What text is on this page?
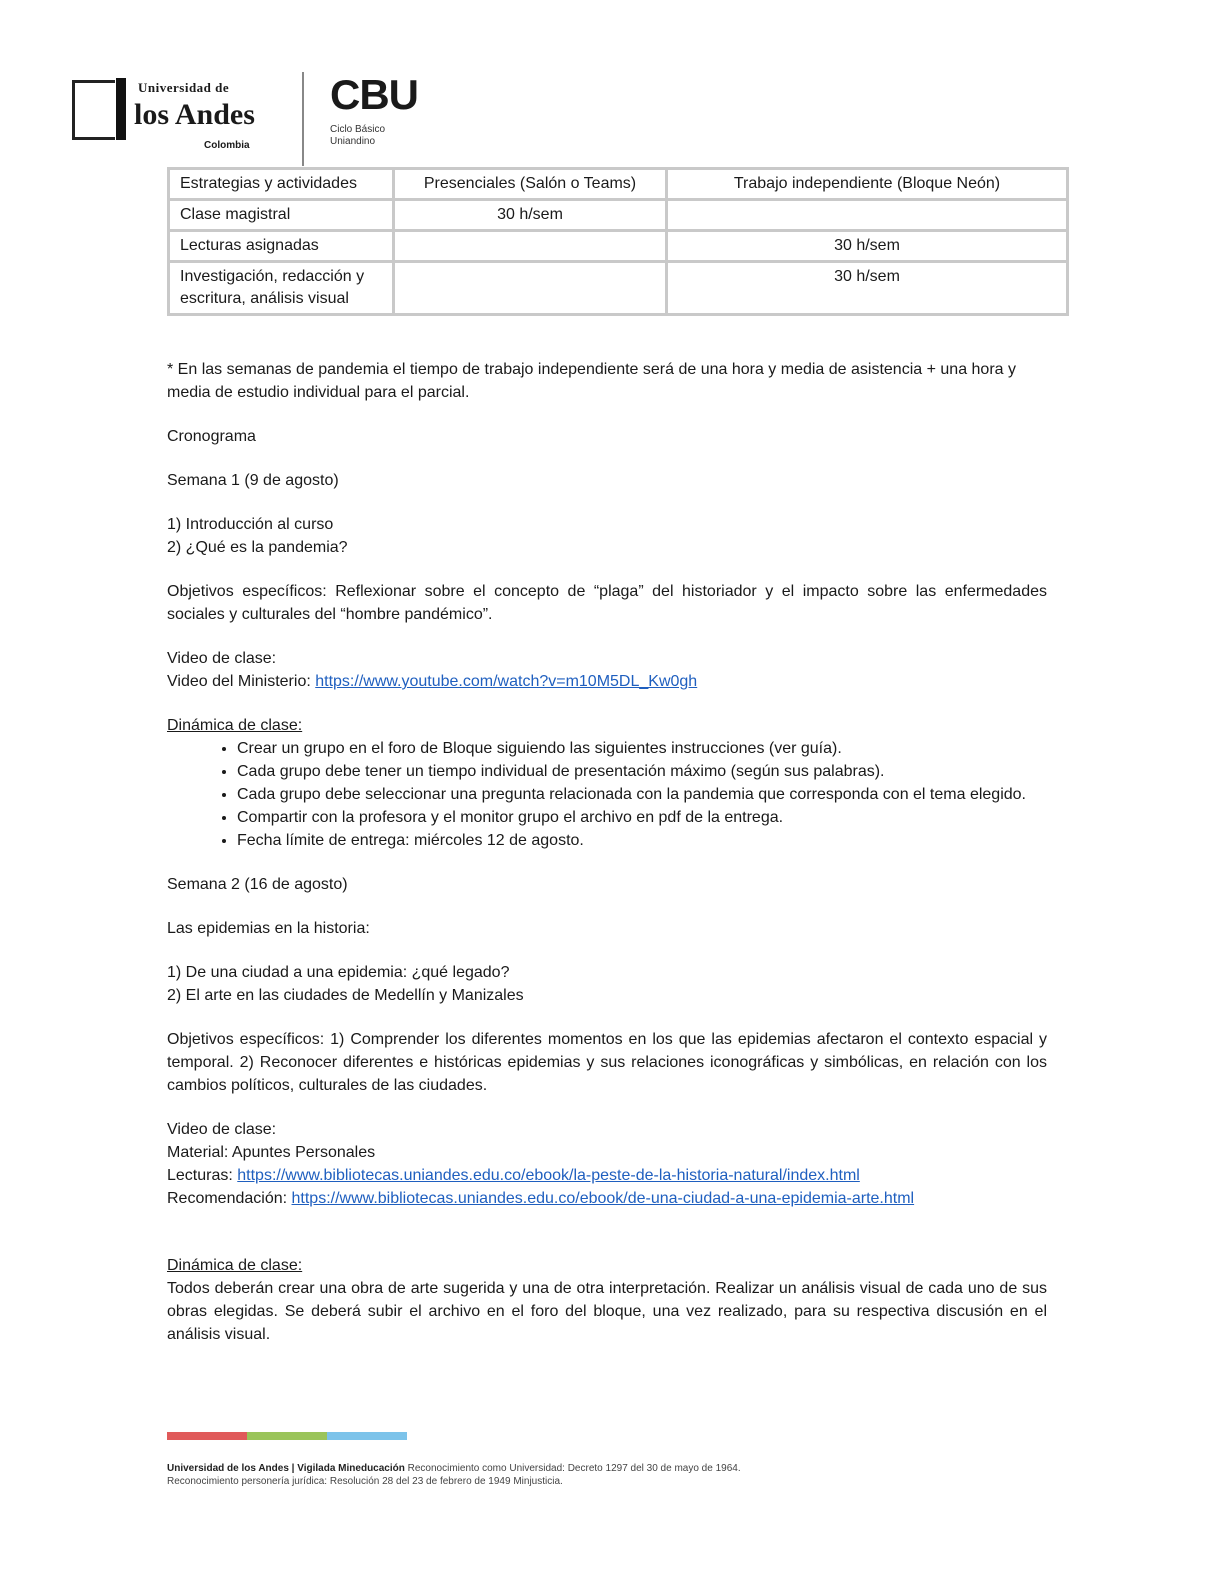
Universidad de
los Andes
Colombia
CBU
Ciclo Básico
Uniandino
Estrategias y actividades	Presenciales (Salón o Teams)	Trabajo independiente (Bloque Neón)
Clase magistral	30 h/sem	
Lecturas asignadas		30 h/sem
Investigación, redacción y escritura, análisis visual		30 h/sem

* En las semanas de pandemia el tiempo de trabajo independiente será de una hora y media de asistencia + una hora y media de estudio individual para el parcial.

Cronograma

Semana 1 (9 de agosto)

1) Introducción al curso

2) ¿Qué es la pandemia?

Objetivos específicos: Reflexionar sobre el concepto de “plaga” del historiador y el impacto sobre las enfermedades sociales y culturales del “hombre pandémico”.

Video de clase:

Video del Ministerio: https://www.youtube.com/watch?v=m10M5DL_Kw0gh

Dinámica de clase:

• Crear un grupo en el foro de Bloque siguiendo las siguientes instrucciones (ver guía).
• Cada grupo debe tener un tiempo individual de presentación máximo (según sus palabras).
• Cada grupo debe seleccionar una pregunta relacionada con la pandemia que corresponda con el tema elegido.
• Compartir con la profesora y el monitor grupo el archivo en pdf de la entrega.
• Fecha límite de entrega: miércoles 12 de agosto.

Semana 2 (16 de agosto)

Las epidemias en la historia:

1) De una ciudad a una epidemia: ¿qué legado?

2) El arte en las ciudades de Medellín y Manizales

Objetivos específicos: 1) Comprender los diferentes momentos en los que las epidemias afectaron el contexto espacial y temporal. 2) Reconocer diferentes e históricas epidemias y sus relaciones iconográficas y simbólicas, en relación con los cambios políticos, culturales de las ciudades.

Video de clase:

Material: Apuntes Personales

Lecturas: https://www.bibliotecas.uniandes.edu.co/ebook/la-peste-de-la-historia-natural/index.html

Recomendación: https://www.bibliotecas.uniandes.edu.co/ebook/de-una-ciudad-a-una-epidemia-arte.html

Dinámica de clase:

Todos deberán crear una obra de arte sugerida y una de otra interpretación. Realizar un análisis visual de cada uno de sus obras elegidas. Se deberá subir el archivo en el foro del bloque, una vez realizado, para su respectiva discusión en el análisis visual.

Universidad de los Andes | Vigilada Mineducación Reconocimiento como Universidad: Decreto 1297 del 30 de mayo de 1964.
Reconocimiento personería jurídica: Resolución 28 del 23 de febrero de 1949 Minjusticia.
